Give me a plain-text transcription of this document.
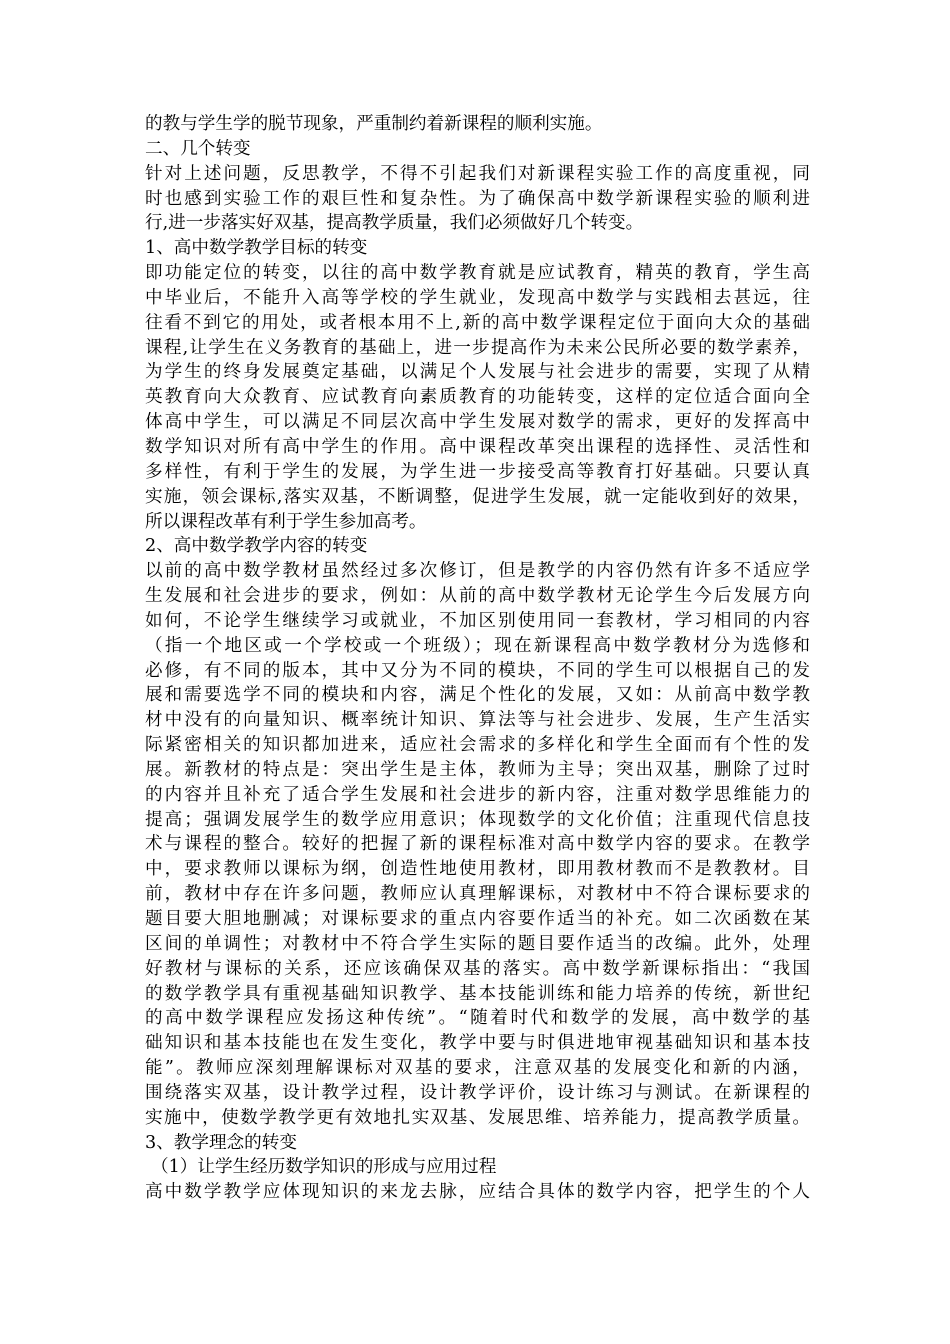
的教与学生学的脱节现象，严重制约着新课程的顺利实施。
二、几个转变
针对上述问题，反思教学，不得不引起我们对新课程实验工作的高度重视，同
时也感到实验工作的艰巨性和复杂性。为了确保高中数学新课程实验的顺利进
行,进一步落实好双基，提高教学质量，我们必须做好几个转变。
1、高中数学教学目标的转变
即功能定位的转变，以往的高中数学教育就是应试教育，精英的教育，学生高
中毕业后，不能升入高等学校的学生就业，发现高中数学与实践相去甚远，往
往看不到它的用处，或者根本用不上,新的高中数学课程定位于面向大众的基础
课程,让学生在义务教育的基础上，进一步提高作为未来公民所必要的数学素养，
为学生的终身发展奠定基础，以满足个人发展与社会进步的需要，实现了从精
英教育向大众教育、应试教育向素质教育的功能转变，这样的定位适合面向全
体高中学生，可以满足不同层次高中学生发展对数学的需求，更好的发挥高中
数学知识对所有高中学生的作用。高中课程改革突出课程的选择性、灵活性和
多样性，有利于学生的发展，为学生进一步接受高等教育打好基础。只要认真
实施，领会课标,落实双基，不断调整，促进学生发展，就一定能收到好的效果，
所以课程改革有利于学生参加高考。
2、高中数学教学内容的转变
以前的高中数学教材虽然经过多次修订，但是教学的内容仍然有许多不适应学
生发展和社会进步的要求，例如：从前的高中数学教材无论学生今后发展方向
如何，不论学生继续学习或就业，不加区别使用同一套教材，学习相同的内容
（指一个地区或一个学校或一个班级）；现在新课程高中数学教材分为选修和
必修，有不同的版本，其中又分为不同的模块，不同的学生可以根据自己的发
展和需要选学不同的模块和内容，满足个性化的发展，又如：从前高中数学教
材中没有的向量知识、概率统计知识、算法等与社会进步、发展，生产生活实
际紧密相关的知识都加进来，适应社会需求的多样化和学生全面而有个性的发
展。新教材的特点是：突出学生是主体，教师为主导；突出双基，删除了过时
的内容并且补充了适合学生发展和社会进步的新内容，注重对数学思维能力的
提高；强调发展学生的数学应用意识；体现数学的文化价值；注重现代信息技
术与课程的整合。较好的把握了新的课程标准对高中数学内容的要求。在教学
中，要求教师以课标为纲，创造性地使用教材，即用教材教而不是教教材。目
前，教材中存在许多问题，教师应认真理解课标，对教材中不符合课标要求的
题目要大胆地删减；对课标要求的重点内容要作适当的补充。如二次函数在某
区间的单调性；对教材中不符合学生实际的题目要作适当的改编。此外，处理
好教材与课标的关系，还应该确保双基的落实。高中数学新课标指出：“我国
的数学教学具有重视基础知识教学、基本技能训练和能力培养的传统，新世纪
的高中数学课程应发扬这种传统”。“随着时代和数学的发展，高中数学的基
础知识和基本技能也在发生变化，教学中要与时俱进地审视基础知识和基本技
能”。教师应深刻理解课标对双基的要求，注意双基的发展变化和新的内涵，
围绕落实双基，设计教学过程，设计教学评价，设计练习与测试。在新课程的
实施中，使数学教学更有效地扎实双基、发展思维、培养能力，提高教学质量。
3、教学理念的转变
（1）让学生经历数学知识的形成与应用过程
高中数学教学应体现知识的来龙去脉，应结合具体的数学内容，把学生的个人
